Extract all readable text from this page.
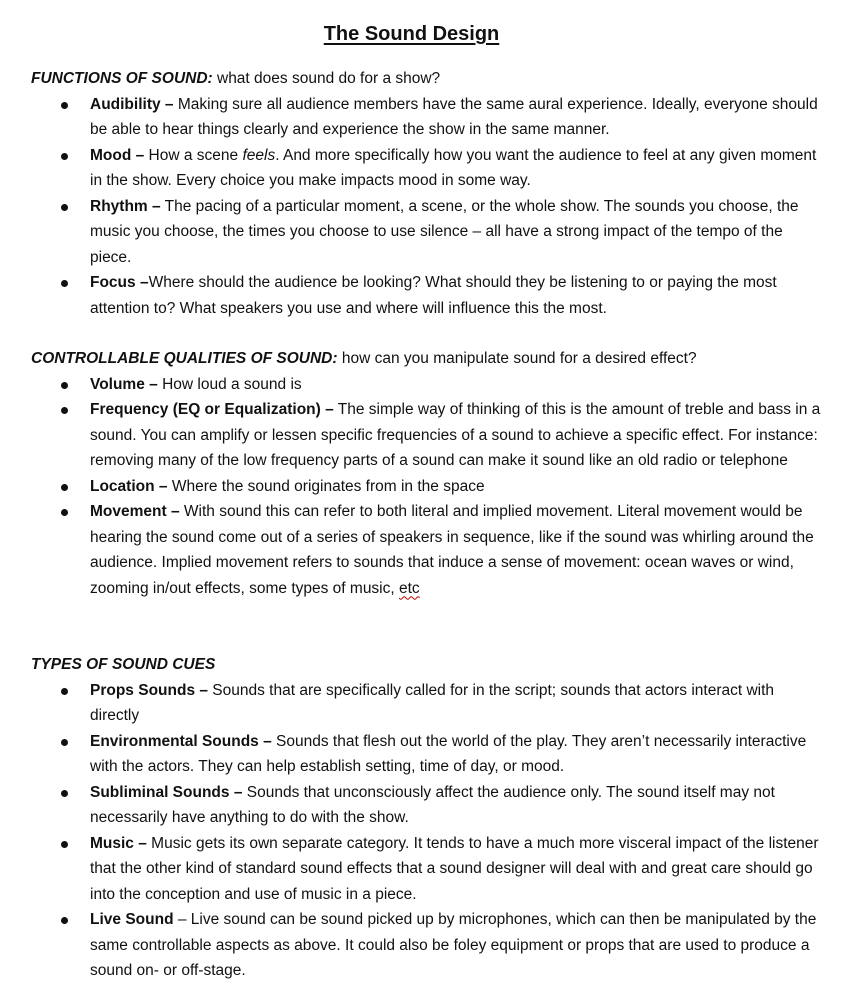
The Sound Design

FUNCTIONS OF SOUND: what does sound do for a show?

Audibility – Making sure all audience members have the same aural experience. Ideally, everyone should be able to hear things clearly and experience the show in the same manner.
Mood – How a scene feels. And more specifically how you want the audience to feel at any given moment in the show. Every choice you make impacts mood in some way.
Rhythm – The pacing of a particular moment, a scene, or the whole show. The sounds you choose, the music you choose, the times you choose to use silence – all have a strong impact of the tempo of the piece.
Focus –Where should the audience be looking? What should they be listening to or paying the most attention to? What speakers you use and where will influence this the most.

CONTROLLABLE QUALITIES OF SOUND: how can you manipulate sound for a desired effect?

Volume – How loud a sound is
Frequency (EQ or Equalization) – The simple way of thinking of this is the amount of treble and bass in a sound. You can amplify or lessen specific frequencies of a sound to achieve a specific effect. For instance: removing many of the low frequency parts of a sound can make it sound like an old radio or telephone
Location – Where the sound originates from in the space
Movement – With sound this can refer to both literal and implied movement. Literal movement would be hearing the sound come out of a series of speakers in sequence, like if the sound was whirling around the audience. Implied movement refers to sounds that induce a sense of movement: ocean waves or wind, zooming in/out effects, some types of music, etc

TYPES OF SOUND CUES

Props Sounds – Sounds that are specifically called for in the script; sounds that actors interact with directly
Environmental Sounds – Sounds that flesh out the world of the play. They aren’t necessarily interactive with the actors. They can help establish setting, time of day, or mood.
Subliminal Sounds – Sounds that unconsciously affect the audience only. The sound itself may not necessarily have anything to do with the show.
Music – Music gets its own separate category. It tends to have a much more visceral impact of the listener that the other kind of standard sound effects that a sound designer will deal with and great care should go into the conception and use of music in a piece.
Live Sound – Live sound can be sound picked up by microphones, which can then be manipulated by the same controllable aspects as above. It could also be foley equipment or props that are used to produce a sound on- or off-stage.
